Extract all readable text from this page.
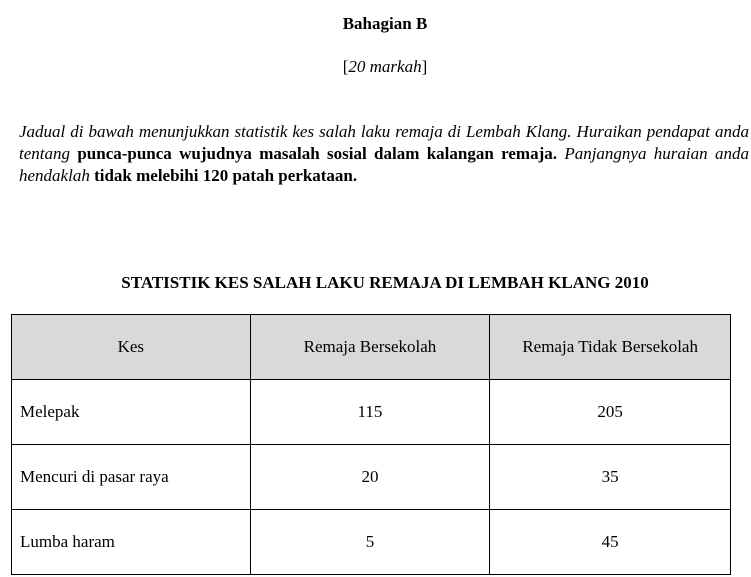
Bahagian B
[20 markah]
Jadual di bawah menunjukkan statistik kes salah laku remaja di Lembah Klang. Huraikan pendapat anda tentang punca-punca wujudnya masalah sosial dalam kalangan remaja. Panjangnya huraian anda hendaklah tidak melebihi 120 patah perkataan.
STATISTIK KES SALAH LAKU REMAJA DI LEMBAH KLANG 2010
Kes	Remaja Bersekolah	Remaja Tidak Bersekolah
Melepak	115	205
Mencuri di pasar raya	20	35
Lumba haram	5	45
